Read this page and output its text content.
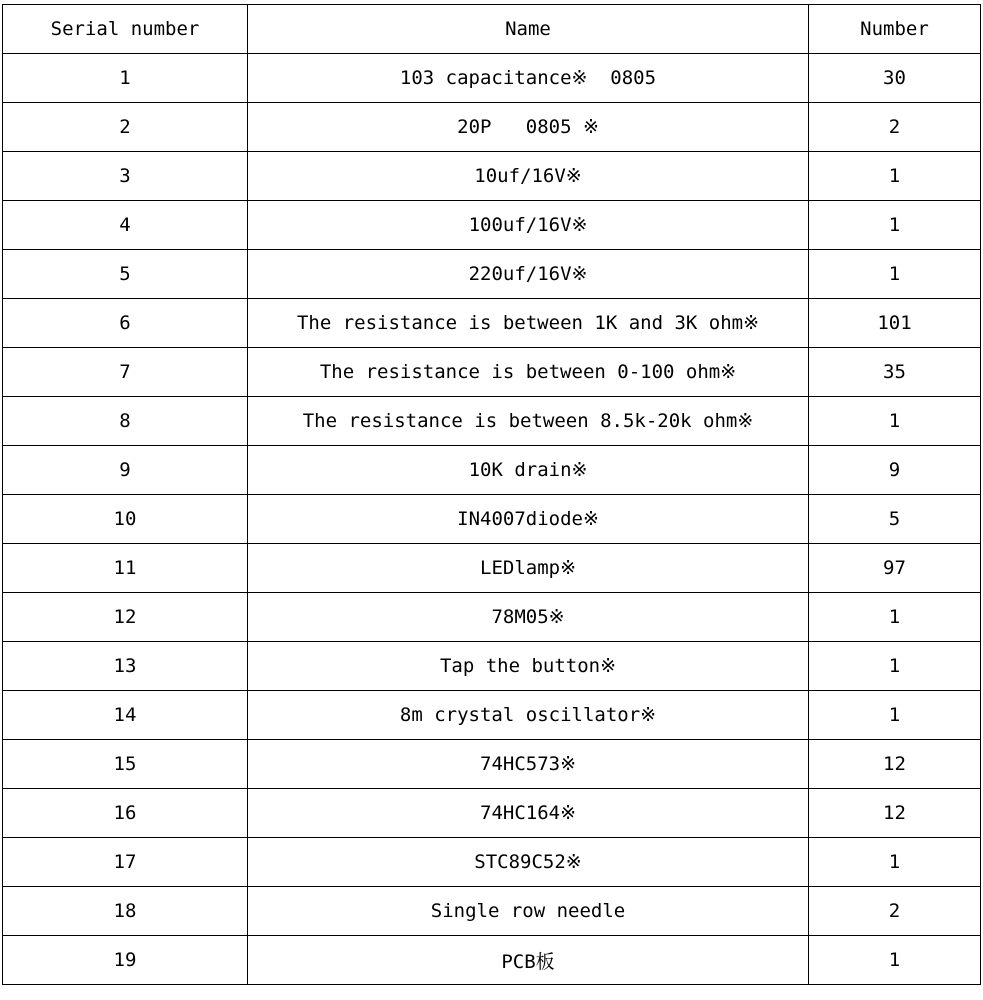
Serial number	Name	Number
1	103 capacitance※  0805	30
2	20P   0805 ※	2
3	10uf/16V※	1
4	100uf/16V※	1
5	220uf/16V※	1
6	The resistance is between 1K and 3K ohm※	101
7	The resistance is between 0-100 ohm※	35
8	The resistance is between 8.5k-20k ohm※	1
9	10K drain※	9
10	IN4007diode※	5
11	LEDlamp※	97
12	78M05※	1
13	Tap the button※	1
14	8m crystal oscillator※	1
15	74HC573※	12
16	74HC164※	12
17	STC89C52※	1
18	Single row needle	2
19	PCB板	1
